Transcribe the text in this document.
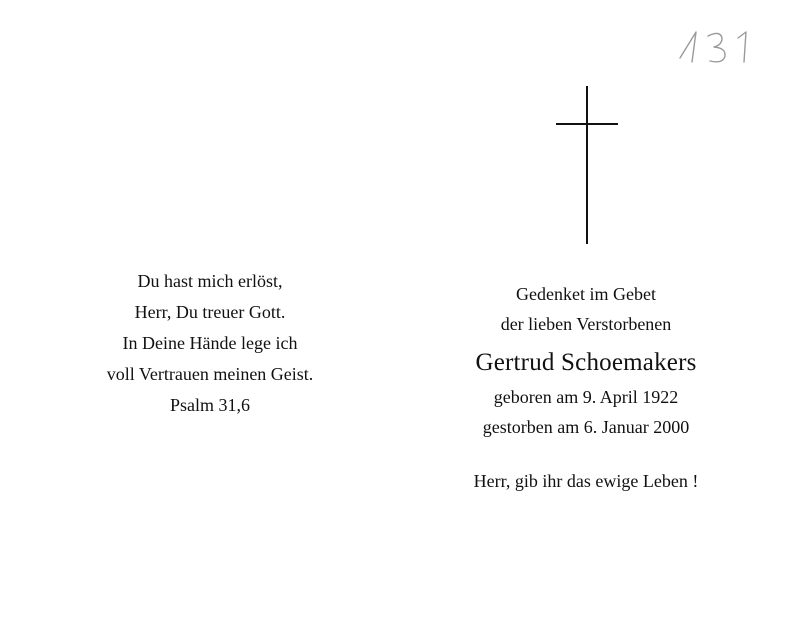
Du hast mich erlöst,
Herr, Du treuer Gott.
In Deine Hände lege ich
voll Vertrauen meinen Geist.
Psalm 31,6
Gedenket im Gebet
der lieben Verstorbenen
Gertrud Schoemakers
geboren am 9. April 1922
gestorben am 6. Januar 2000
Herr, gib ihr das ewige Leben !
